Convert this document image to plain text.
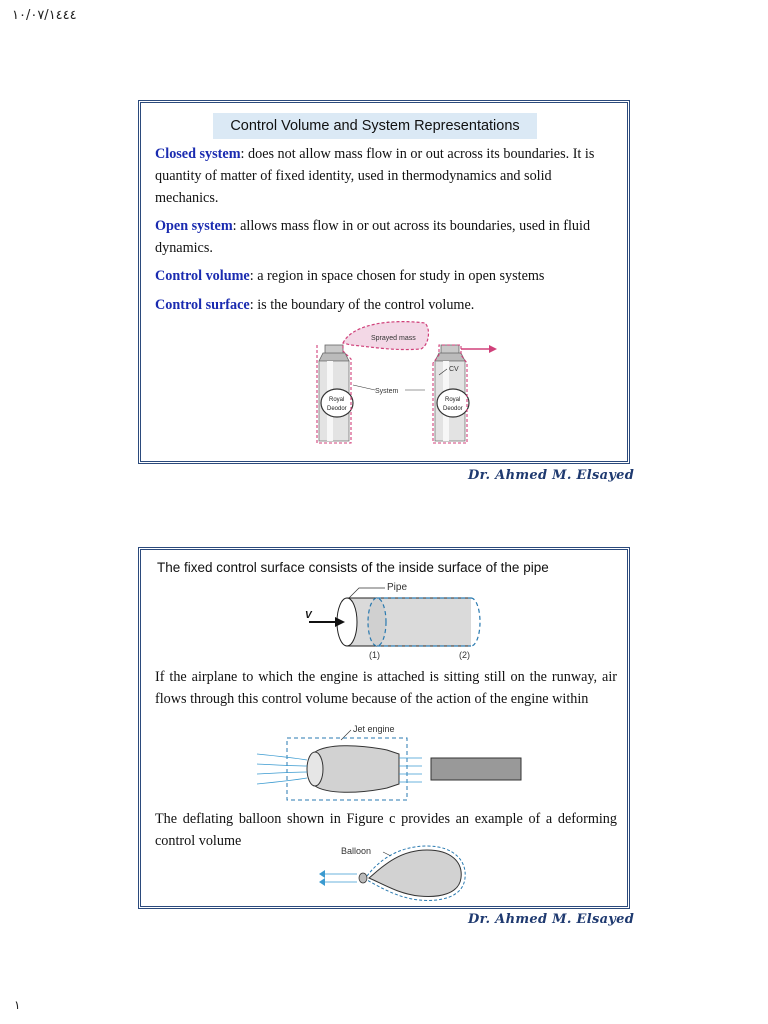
١٠/٠٧/١٤٤٤
Control Volume and System Representations
Closed system: does not allow mass flow in or out across its boundaries. It is quantity of matter of fixed identity, used in thermodynamics and solid mechanics.
Open system: allows mass flow in or out across its boundaries, used in fluid dynamics.
Control volume: a region in space chosen for study in open systems
Control surface: is the boundary of the control volume.
Sprayed mass
Royal
Deodor
System
Royal
Deodor
CV
Dr. Ahmed M. Elsayed
The fixed control surface consists of the inside surface of the pipe
Pipe
V
(1)	(2)
If the airplane to which the engine is attached is sitting still on the runway, air flows through this control volume because of the action of the engine within
Jet engine
The deflating balloon shown in Figure c provides an example of a deforming control volume
Balloon
Dr. Ahmed M. Elsayed
١
